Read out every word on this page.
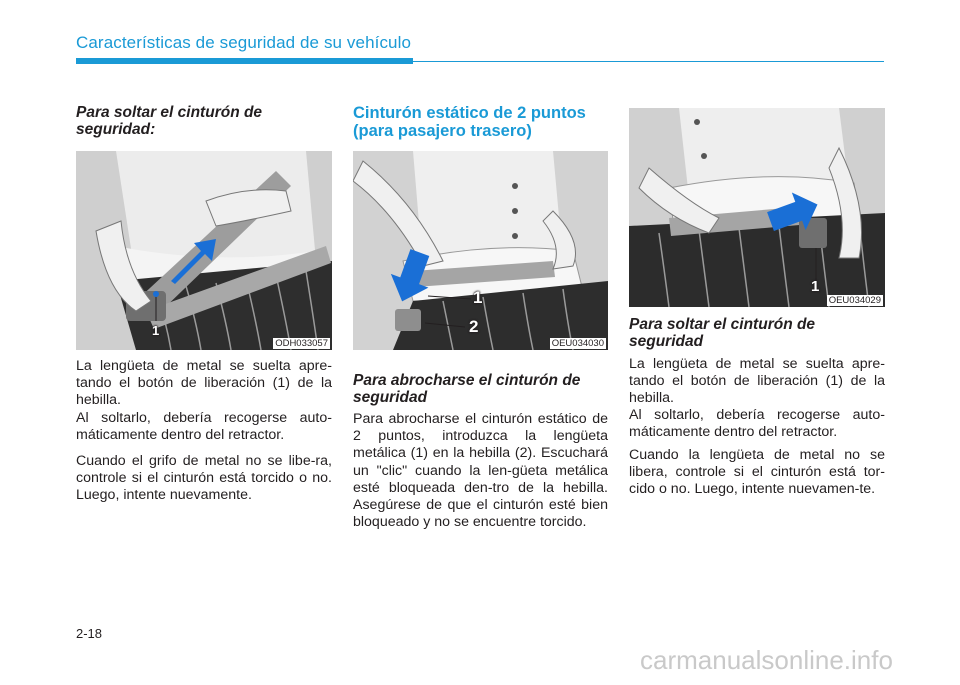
Características de seguridad de su vehículo
Para soltar el cinturón de seguridad:
1
ODH033057

La lengüeta de metal se suelta apre-tando el botón de liberación (1) de la hebilla.

Al soltarlo, debería recogerse auto-máticamente dentro del retractor.

Cuando el grifo de metal no se libe-ra, controle si el cinturón está torcido o no. Luego, intente nuevamente.

Cinturón estático de 2 puntos (para pasajero trasero)
1
2
OEU034030
Para abrocharse el cinturón de seguridad

Para abrocharse el cinturón estático de 2 puntos, introduzca la lengüeta metálica (1) en la hebilla (2). Escuchará un "clic" cuando la len-güeta metálica esté bloqueada den-tro de la hebilla. Asegúrese de que el cinturón esté bien bloqueado y no se encuentre torcido.

1
OEU034029
Para soltar el cinturón de seguridad

La lengüeta de metal se suelta apre-tando el botón de liberación (1) de la hebilla.

Al soltarlo, debería recogerse auto-máticamente dentro del retractor.

Cuando la lengüeta de metal no se libera, controle si el cinturón está tor-cido o no. Luego, intente nuevamen-te.

2-18
carmanualsonline.info
